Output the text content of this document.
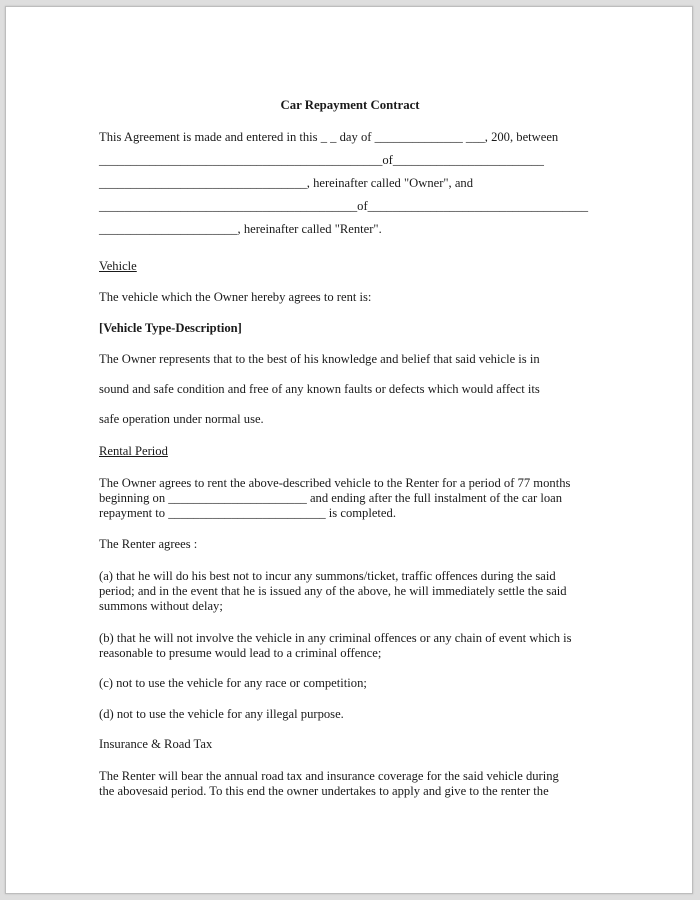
Car Repayment Contract
This Agreement is made and entered in this _ _ day of ______________ ___, 200, between
_____________________________________________of________________________
_________________________________, hereinafter called "Owner", and
_________________________________________of___________________________________
______________________, hereinafter called "Renter".
Vehicle
The vehicle which the Owner hereby agrees to rent is:
[Vehicle Type-Description]
The Owner represents that to the best of his knowledge and belief that said vehicle is in
sound and safe condition and free of any known faults or defects which would affect its
safe operation under normal use.
Rental Period
The Owner agrees to rent the above-described vehicle to the Renter for a period of 77 months
beginning on ______________________ and ending after the full instalment of the car loan
repayment to _________________________ is completed.
The Renter agrees :
(a) that he will do his best not to incur any summons/ticket, traffic offences during the said
period; and in the event that he is issued any of the above, he will immediately settle the said
summons without delay;
(b) that he will not involve the vehicle in any criminal offences or any chain of event which is
reasonable to presume would lead to a criminal offence;
(c) not to use the vehicle for any race or competition;
(d) not to use the vehicle for any illegal purpose.
Insurance & Road Tax
The Renter will bear the annual road tax and insurance coverage for the said vehicle during
the abovesaid period. To this end the owner undertakes to apply and give to the renter the
